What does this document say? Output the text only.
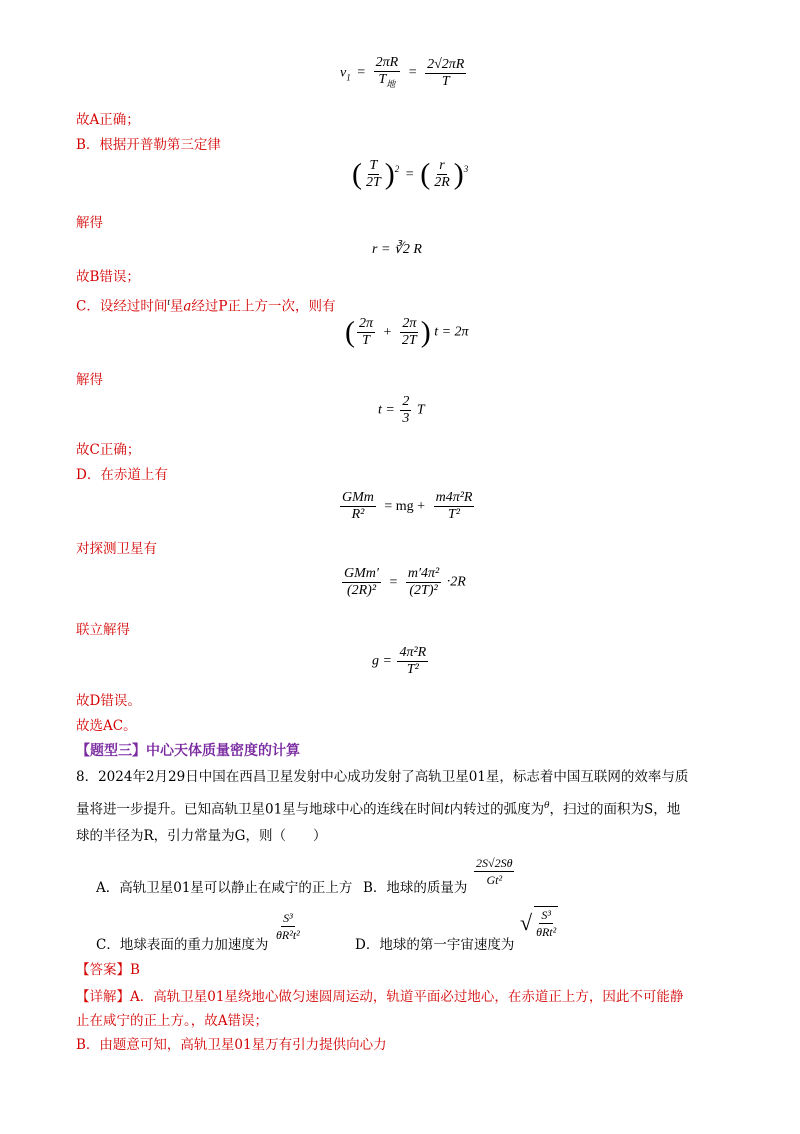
$v_1 = \frac{2\pi R}{T_地} = \frac{2√2\pi R}{T}$
故A正确；
B．根据开普勒第三定律
( $\frac{T}{2T} )^2$ = ( $\frac{r}{2R} )^3$
解得
r = ∛2 R
故B错误；
C．设经过时间$^t$星a经过P正上方一次，则有
( $\frac{2\pi}{T} + \frac{2\pi}{2T}$ ) t = 2π
解得
$t = \frac{2}{3}$ T
故C正确；
D．在赤道上有
$\frac{\text{GMm}}{\text{R²}}$ = mg + $\frac{\text{m4π²R}}{\text{T²}}$
对探测卫星有
$\frac{\text{GMm′}}{\text{(2R)²}} = \frac{\text{m′4π²}}{\text{(2T)²}} \cdot 2R$
联立解得
$g = \frac{\text{4π²R}}{\text{T²}}$
故D错误。
故选AC。
【题型三】中心天体质量密度的计算
8．2024年2月29日中国在西昌卫星发射中心成功发射了高轨卫星01星，标志着中国互联网的效率与质
量将进一步提升。已知高轨卫星01星与地球中心的连线在时间t内转过的弧度为$^\theta$，扫过的面积为S，地
球的半径为R，引力常量为G，则（　　）
A．高轨卫星01星可以静止在咸宁的正上方 B．地球的质量为 $\frac{2S√2S\theta}{\text{Gt²}}$
C．地球表面的重力加速度为
$\frac{\text{S³}}{\text{θR²t²}}$
D．地球的第一宇宙速度为
√ $\frac{\text{S³}}{\text{θRt²}}$
【答案】B
【详解】A．高轨卫星01星绕地心做匀速圆周运动，轨道平面必过地心，在赤道正上方，因此不可能静
止在咸宁的正上方。，故A错误；
B．由题意可知，高轨卫星01星万有引力提供向心力
